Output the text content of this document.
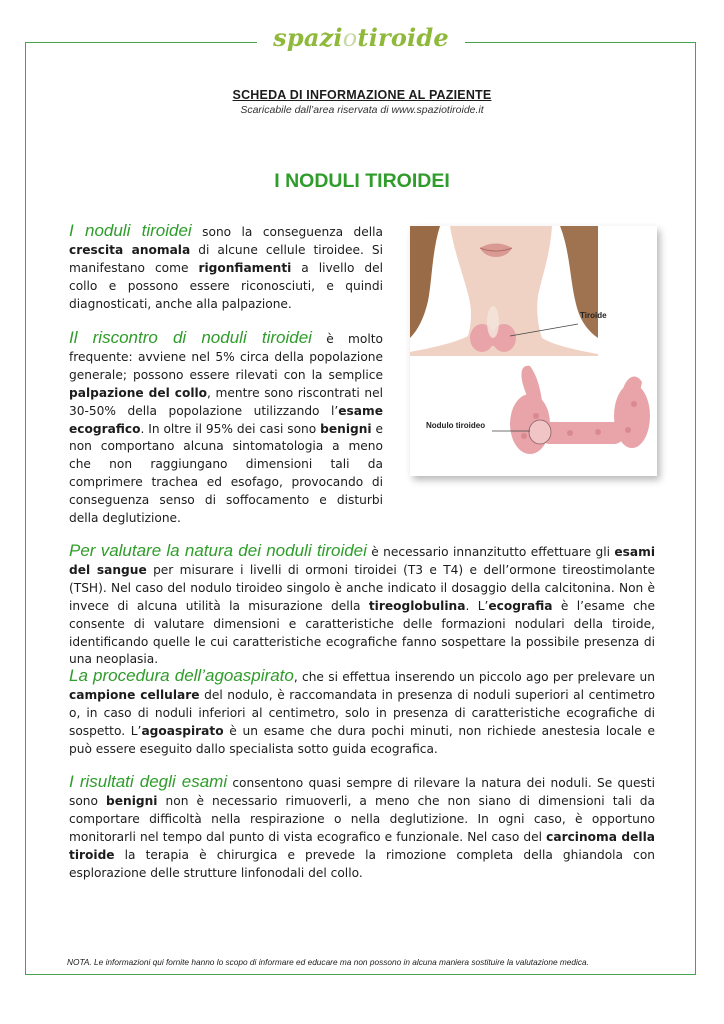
spaziotiroide
SCHEDA DI INFORMAZIONE AL PAZIENTE
Scaricabile dall’area riservata di www.spaziotiroide.it
I NODULI TIROIDEI
I noduli tiroidei sono la conseguenza della crescita anomala di alcune cellule tiroidee. Si manifestano come rigonfiamenti a livello del collo e possono essere riconosciuti, e quindi diagnosticati, anche alla palpazione.
Il riscontro di noduli tiroidei è molto frequente: avviene nel 5% circa della popolazione generale; possono essere rilevati con la semplice palpazione del collo, mentre sono riscontrati nel 30-50% della popolazione utilizzando l’esame ecografico. In oltre il 95% dei casi sono benigni e non comportano alcuna sintomatologia a meno che non raggiungano dimensioni tali da comprimere trachea ed esofago, provocando di conseguenza senso di soffocamento e disturbi della deglutizione.
Tiroide
Nodulo tiroideo
Per valutare la natura dei noduli tiroidei è necessario innanzitutto effettuare gli esami del sangue per misurare i livelli di ormoni tiroidei (T3 e T4) e dell’ormone tireostimolante (TSH). Nel caso del nodulo tiroideo singolo è anche indicato il dosaggio della calcitonina. Non è invece di alcuna utilità la misurazione della tireoglobulina. L’ecografia è l’esame che consente di valutare dimensioni e caratteristiche delle formazioni nodulari della tiroide, identificando quelle le cui caratteristiche ecografiche fanno sospettare la possibile presenza di una neoplasia.
La procedura dell’agoaspirato, che si effettua inserendo un piccolo ago per prelevare un campione cellulare del nodulo, è raccomandata in presenza di noduli superiori al centimetro o, in caso di noduli inferiori al centimetro, solo in presenza di caratteristiche ecografiche di sospetto. L’agoaspirato è un esame che dura pochi minuti, non richiede anestesia locale e può essere eseguito dallo specialista sotto guida ecografica.
I risultati degli esami consentono quasi sempre di rilevare la natura dei noduli. Se questi sono benigni non è necessario rimuoverli, a meno che non siano di dimensioni tali da comportare difficoltà nella respirazione o nella deglutizione. In ogni caso, è opportuno monitorarli nel tempo dal punto di vista ecografico e funzionale. Nel caso del carcinoma della tiroide la terapia è chirurgica e prevede la rimozione completa della ghiandola con esplorazione delle strutture linfonodali del collo.
NOTA. Le informazioni qui fornite hanno lo scopo di informare ed educare ma non possono in alcuna maniera sostituire la valutazione medica.
